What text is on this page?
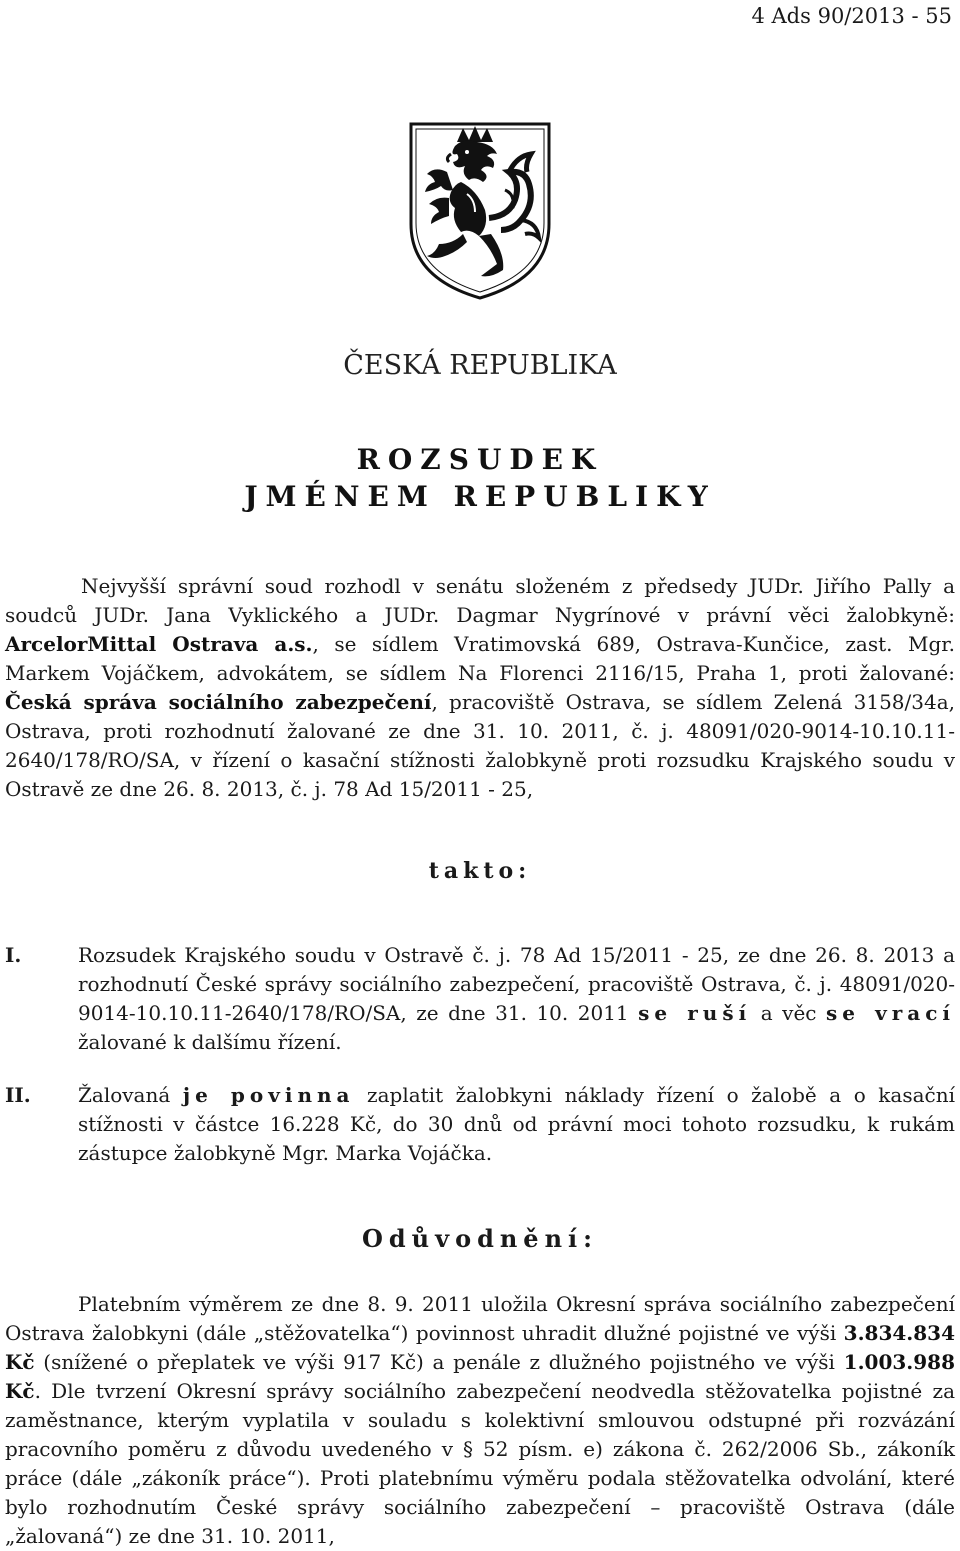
4 Ads 90/2013 - 55
ČESKÁ REPUBLIKA
ROZSUDEK
JMÉNEM REPUBLIKY
Nejvyšší správní soud rozhodl v senátu složeném z předsedy JUDr. Jiřího Pally a soudců JUDr. Jana Vyklického a JUDr. Dagmar Nygrínové v právní věci žalobkyně: ArcelorMittal Ostrava a.s., se sídlem Vratimovská 689, Ostrava-Kunčice, zast. Mgr. Markem Vojáčkem, advokátem, se sídlem Na Florenci 2116/15, Praha 1, proti žalované: Česká správa sociálního zabezpečení, pracoviště Ostrava, se sídlem Zelená 3158/34a, Ostrava, proti rozhodnutí žalované ze dne 31. 10. 2011, č. j. 48091/020-9014-10.10.11-2640/178/RO/SA, v řízení o kasační stížnosti žalobkyně proti rozsudku Krajského soudu v Ostravě ze dne 26. 8. 2013, č. j. 78 Ad 15/2011 - 25,
takto:
I.	Rozsudek Krajského soudu v Ostravě č. j. 78 Ad 15/2011 - 25, ze dne 26. 8. 2013 a rozhodnutí České správy sociálního zabezpečení, pracoviště Ostrava, č. j. 48091/020-9014-10.10.11-2640/178/RO/SA, ze dne 31. 10. 2011 se ruší a věc se vrací žalované k dalšímu řízení.
II. Žalovaná je povinna zaplatit žalobkyni náklady řízení o žalobě a o kasační stížnosti v částce 16.228 Kč, do 30 dnů od právní moci tohoto rozsudku, k rukám zástupce žalobkyně Mgr. Marka Vojáčka.
Odůvodnění:
Platebním výměrem ze dne 8. 9. 2011 uložila Okresní správa sociálního zabezpečení Ostrava žalobkyni (dále „stěžovatelka“) povinnost uhradit dlužné pojistné ve výši 3.834.834 Kč (snížené o přeplatek ve výši 917 Kč) a penále z dlužného pojistného ve výši 1.003.988 Kč. Dle tvrzení Okresní správy sociálního zabezpečení neodvedla stěžovatelka pojistné za zaměstnance, kterým vyplatila v souladu s kolektivní smlouvou odstupné při rozvázání pracovního poměru z důvodu uvedeného v § 52 písm. e) zákona č. 262/2006 Sb., zákoník práce (dále „zákoník práce“). Proti platebnímu výměru podala stěžovatelka odvolání, které bylo rozhodnutím České správy sociálního zabezpečení – pracoviště Ostrava (dále „žalovaná“) ze dne 31. 10. 2011,
